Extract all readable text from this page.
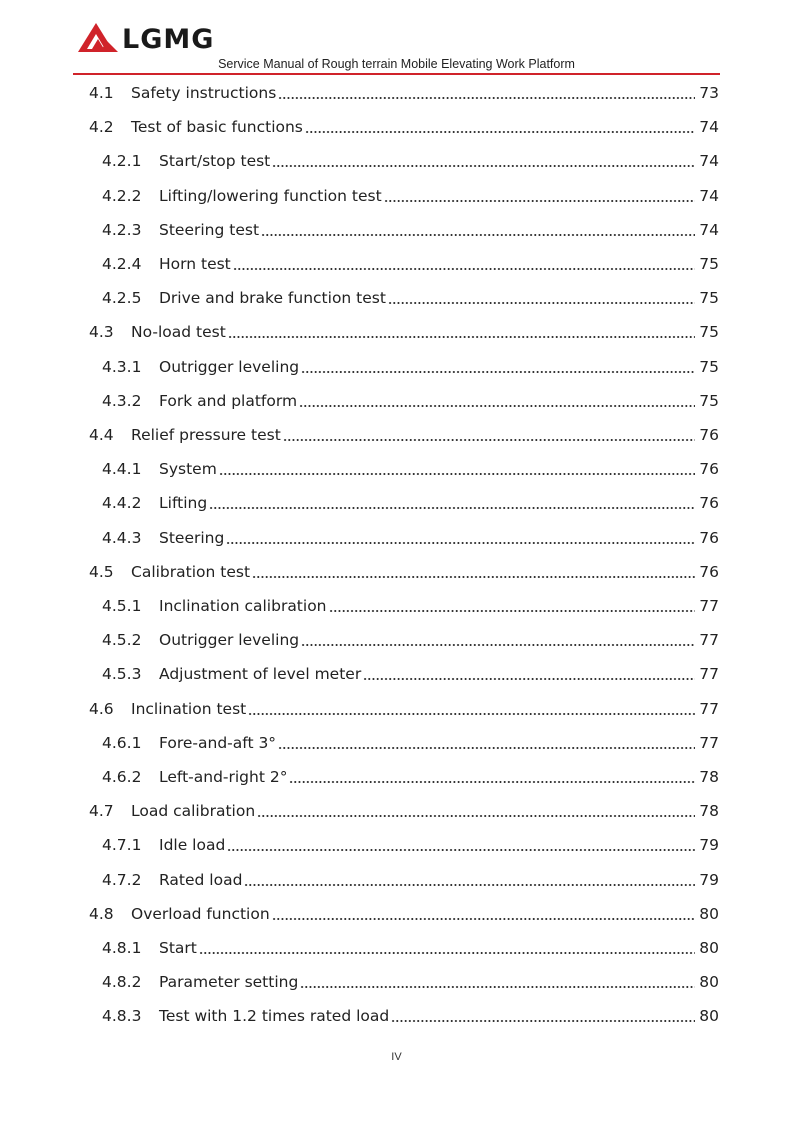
LGMG
Service Manual of Rough terrain Mobile Elevating Work Platform
4.1	Safety instructions	73
4.2	Test of basic functions	74
4.2.1	Start/stop test	74
4.2.2	Lifting/lowering function test	74
4.2.3	Steering test	74
4.2.4	Horn test	75
4.2.5	Drive and brake function test	75
4.3	No-load test	75
4.3.1	Outrigger leveling	75
4.3.2	Fork and platform	75
4.4	Relief pressure test	76
4.4.1	System	76
4.4.2	Lifting	76
4.4.3	Steering	76
4.5	Calibration test	76
4.5.1	Inclination calibration	77
4.5.2	Outrigger leveling	77
4.5.3	Adjustment of level meter	77
4.6	Inclination test	77
4.6.1	Fore-and-aft 3°	77
4.6.2	Left-and-right 2°	78
4.7	Load calibration	78
4.7.1	Idle load	79
4.7.2	Rated load	79
4.8	Overload function	80
4.8.1	Start	80
4.8.2	Parameter setting	80
4.8.3	Test with 1.2 times rated load	80
IV
